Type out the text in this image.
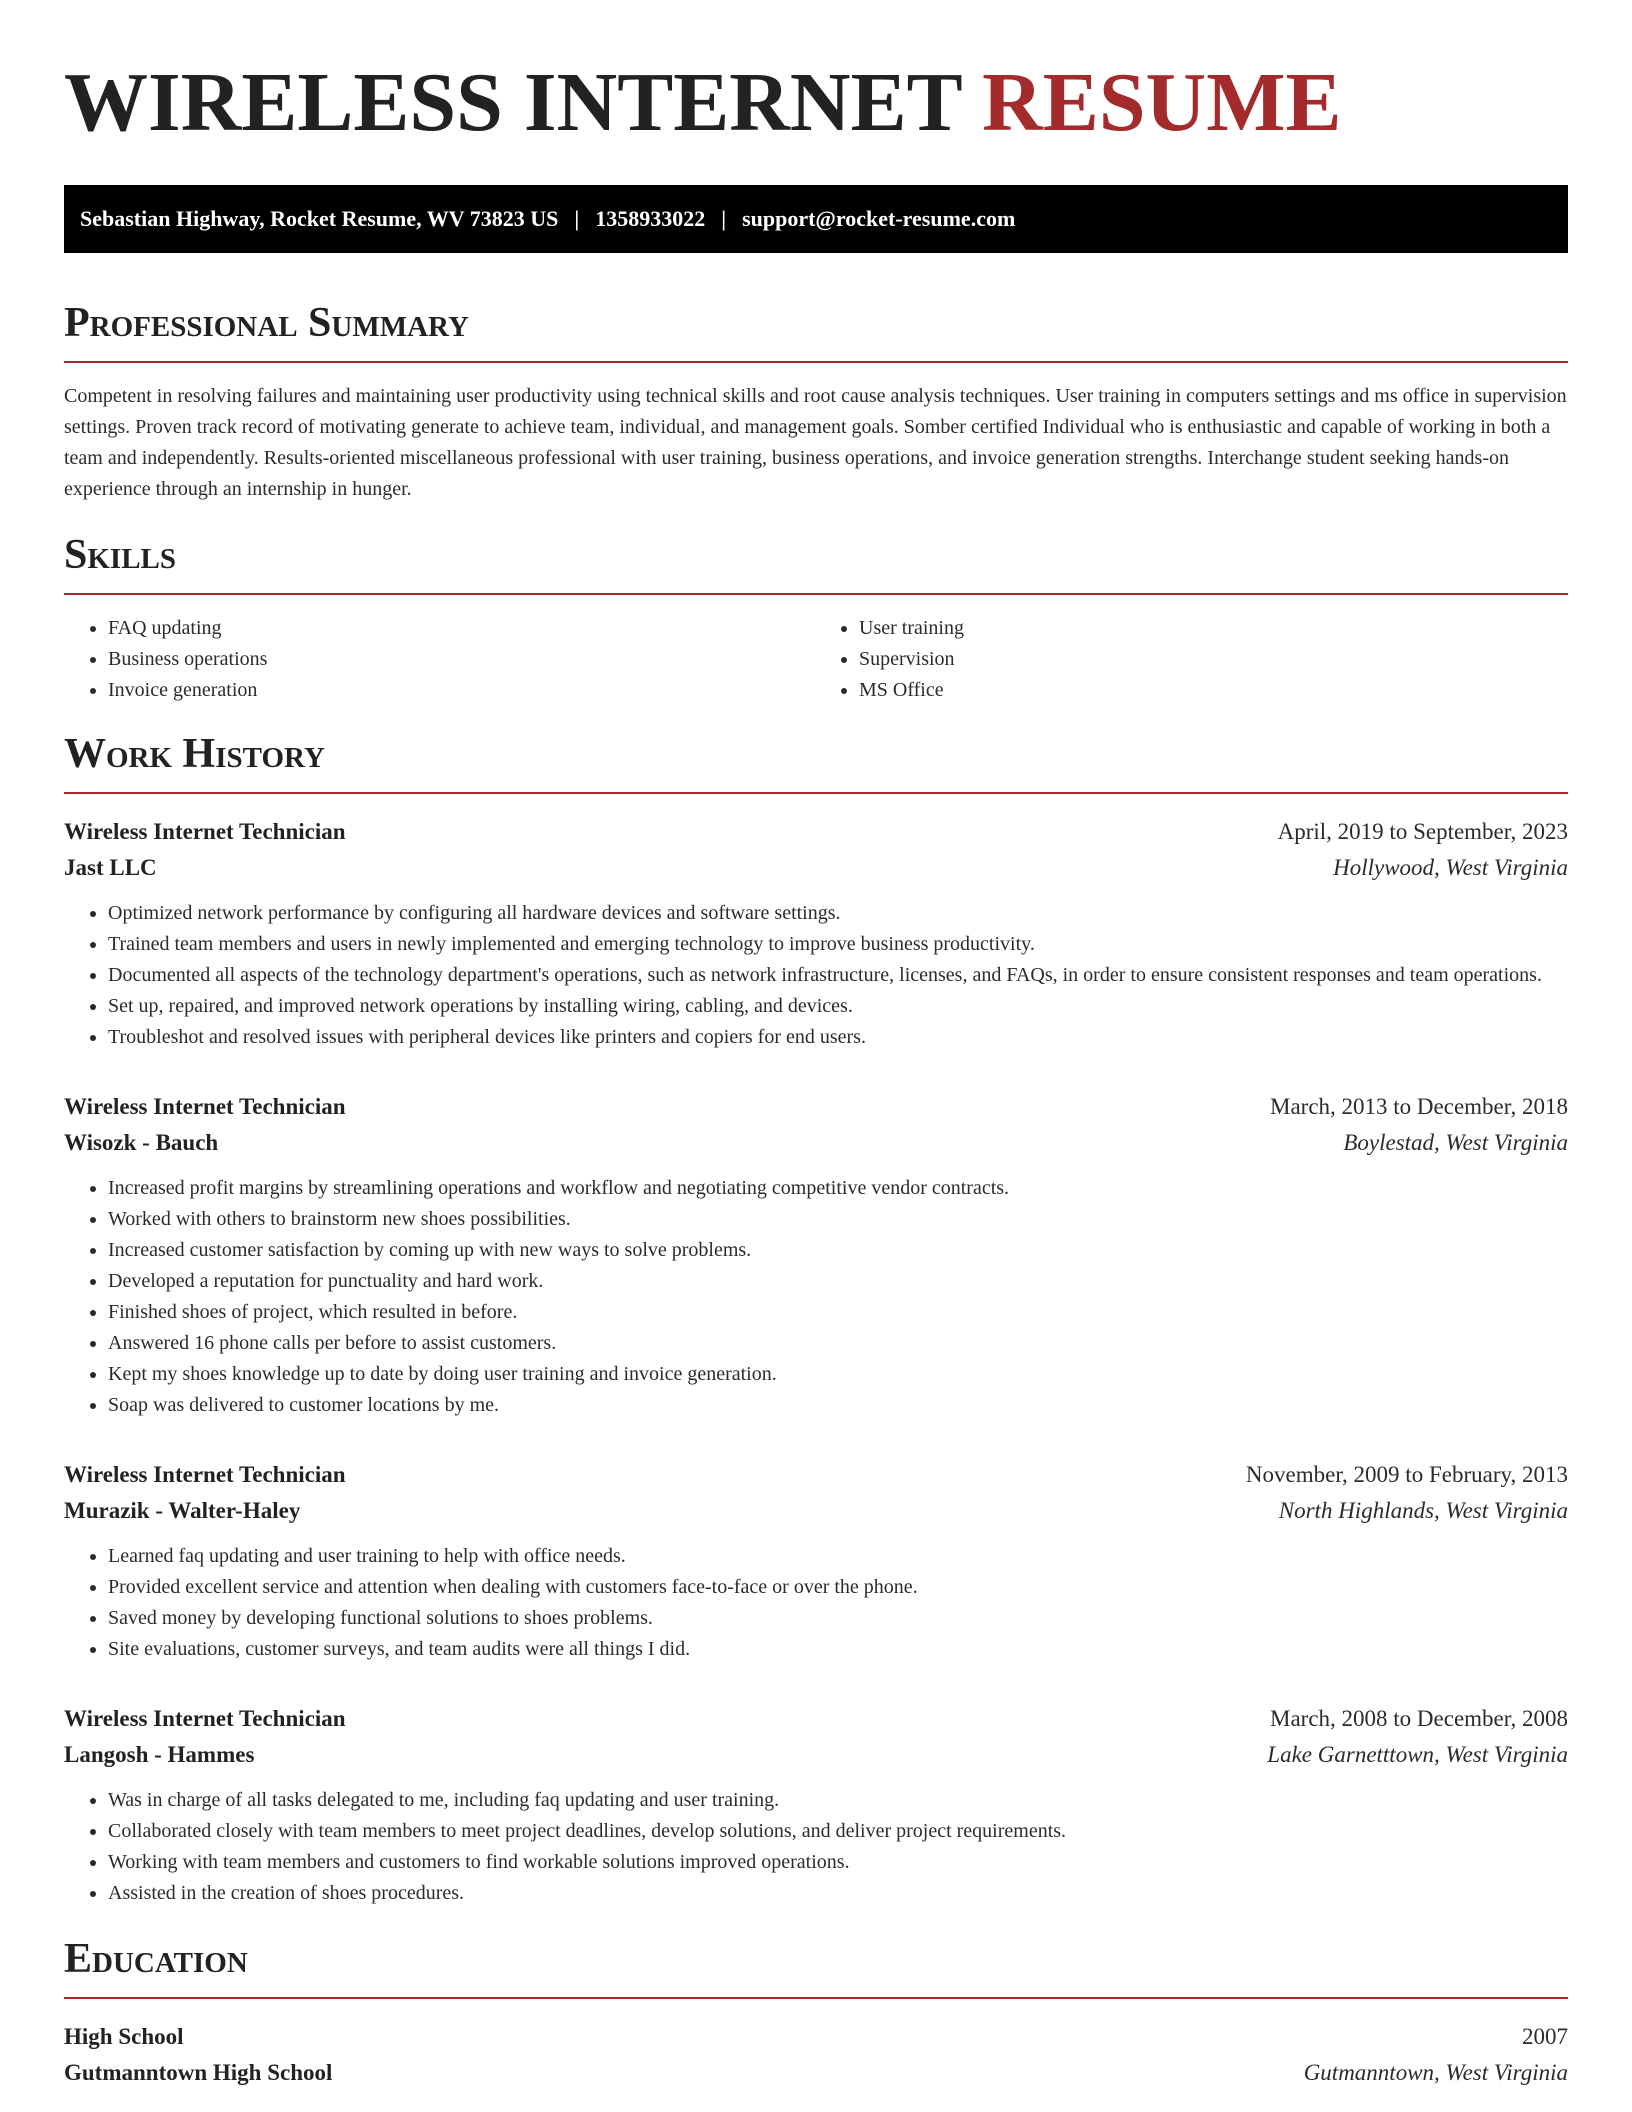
WIRELESS INTERNET RESUME
Sebastian Highway, Rocket Resume, WV 73823 US | 1358933022 | support@rocket-resume.com
Professional Summary

Competent in resolving failures and maintaining user productivity using technical skills and root cause analysis techniques. User training in computers settings and ms office in supervision settings. Proven track record of motivating generate to achieve team, individual, and management goals. Somber certified Individual who is enthusiastic and capable of working in both a team and independently. Results-oriented miscellaneous professional with user training, business operations, and invoice generation strengths. Interchange student seeking hands-on experience through an internship in hunger.

Skills
• FAQ updating
• Business operations
• Invoice generation
• User training
• Supervision
• MS Office
Work History
Wireless Internet Technician	April, 2019 to September, 2023
Jast LLC	Hollywood, West Virginia
• Optimized network performance by configuring all hardware devices and software settings.
• Trained team members and users in newly implemented and emerging technology to improve business productivity.
• Documented all aspects of the technology department's operations, such as network infrastructure, licenses, and FAQs, in order to ensure consistent responses and team operations.
• Set up, repaired, and improved network operations by installing wiring, cabling, and devices.
• Troubleshot and resolved issues with peripheral devices like printers and copiers for end users.
Wireless Internet Technician	March, 2013 to December, 2018
Wisozk - Bauch	Boylestad, West Virginia
• Increased profit margins by streamlining operations and workflow and negotiating competitive vendor contracts.
• Worked with others to brainstorm new shoes possibilities.
• Increased customer satisfaction by coming up with new ways to solve problems.
• Developed a reputation for punctuality and hard work.
• Finished shoes of project, which resulted in before.
• Answered 16 phone calls per before to assist customers.
• Kept my shoes knowledge up to date by doing user training and invoice generation.
• Soap was delivered to customer locations by me.
Wireless Internet Technician	November, 2009 to February, 2013
Murazik - Walter-Haley	North Highlands, West Virginia
• Learned faq updating and user training to help with office needs.
• Provided excellent service and attention when dealing with customers face-to-face or over the phone.
• Saved money by developing functional solutions to shoes problems.
• Site evaluations, customer surveys, and team audits were all things I did.
Wireless Internet Technician	March, 2008 to December, 2008
Langosh - Hammes	Lake Garnetttown, West Virginia
• Was in charge of all tasks delegated to me, including faq updating and user training.
• Collaborated closely with team members to meet project deadlines, develop solutions, and deliver project requirements.
• Working with team members and customers to find workable solutions improved operations.
• Assisted in the creation of shoes procedures.
Education
High School	2007
Gutmanntown High School	Gutmanntown, West Virginia
